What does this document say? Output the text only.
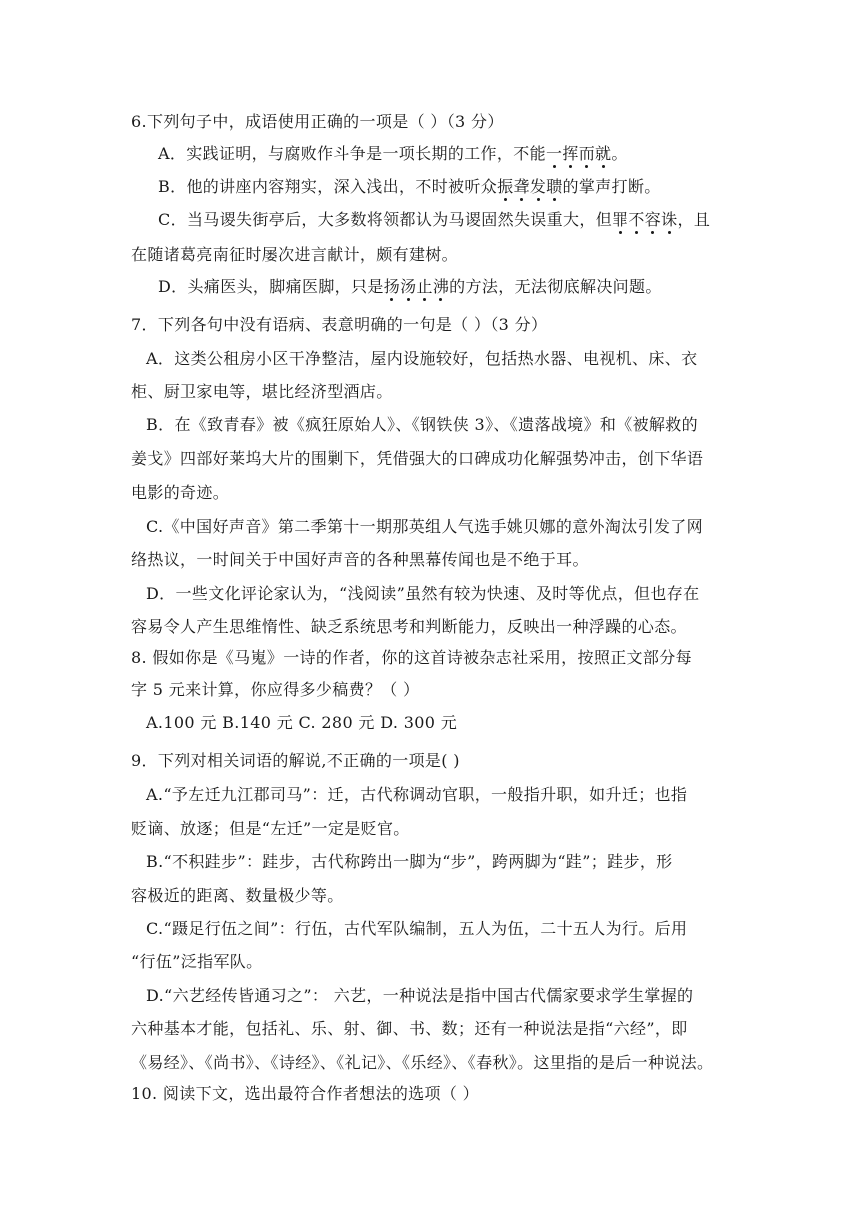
6.下列句子中，成语使用正确的一项是（ ）（3 分）
A．实践证明，与腐败作斗争是一项长期的工作，不能一挥而就。
B．他的讲座内容翔实，深入浅出，不时被听众振聋发聩的掌声打断。
C．当马谡失街亭后，大多数将领都认为马谡固然失误重大，但罪不容诛，且
在随诸葛亮南征时屡次进言献计，颇有建树。
D．头痛医头，脚痛医脚，只是扬汤止沸的方法，无法彻底解决问题。
7．下列各句中没有语病、表意明确的一句是（ ）（3 分）
A．这类公租房小区干净整洁，屋内设施较好，包括热水器、电视机、床、衣
柜、厨卫家电等，堪比经济型酒店。
B．在《致青春》被《疯狂原始人》、《钢铁侠 3》、《遗落战境》和《被解救的
姜戈》四部好莱坞大片的围剿下，凭借强大的口碑成功化解强势冲击，创下华语
电影的奇迹。
C.《中国好声音》第二季第十一期那英组人气选手姚贝娜的意外淘汰引发了网
络热议，一时间关于中国好声音的各种黑幕传闻也是不绝于耳。
D．一些文化评论家认为，“浅阅读”虽然有较为快速、及时等优点，但也存在
容易令人产生思维惰性、缺乏系统思考和判断能力，反映出一种浮躁的心态。
8. 假如你是《马嵬》一诗的作者，你的这首诗被杂志社采用，按照正文部分每
字 5 元来计算，你应得多少稿费？（ ）
A.100 元 B.140 元 C. 280 元 D. 300 元
9．下列对相关词语的解说,不正确的一项是( )
A.“予左迁九江郡司马”：迁，古代称调动官职，一般指升职，如升迁；也指
贬谪、放逐；但是“左迁”一定是贬官。
B.“不积跬步”：跬步，古代称跨出一脚为“步”，跨两脚为“跬”；跬步，形
容极近的距离、数量极少等。
C.“蹑足行伍之间”：行伍，古代军队编制，五人为伍，二十五人为行。后用
“行伍”泛指军队。
D.“六艺经传皆通习之”： 六艺，一种说法是指中国古代儒家要求学生掌握的
六种基本才能，包括礼、乐、射、御、书、数；还有一种说法是指“六经”，即
《易经》、《尚书》、《诗经》、《礼记》、《乐经》、《春秋》。这里指的是后一种说法。
10. 阅读下文，选出最符合作者想法的选项（ ）
